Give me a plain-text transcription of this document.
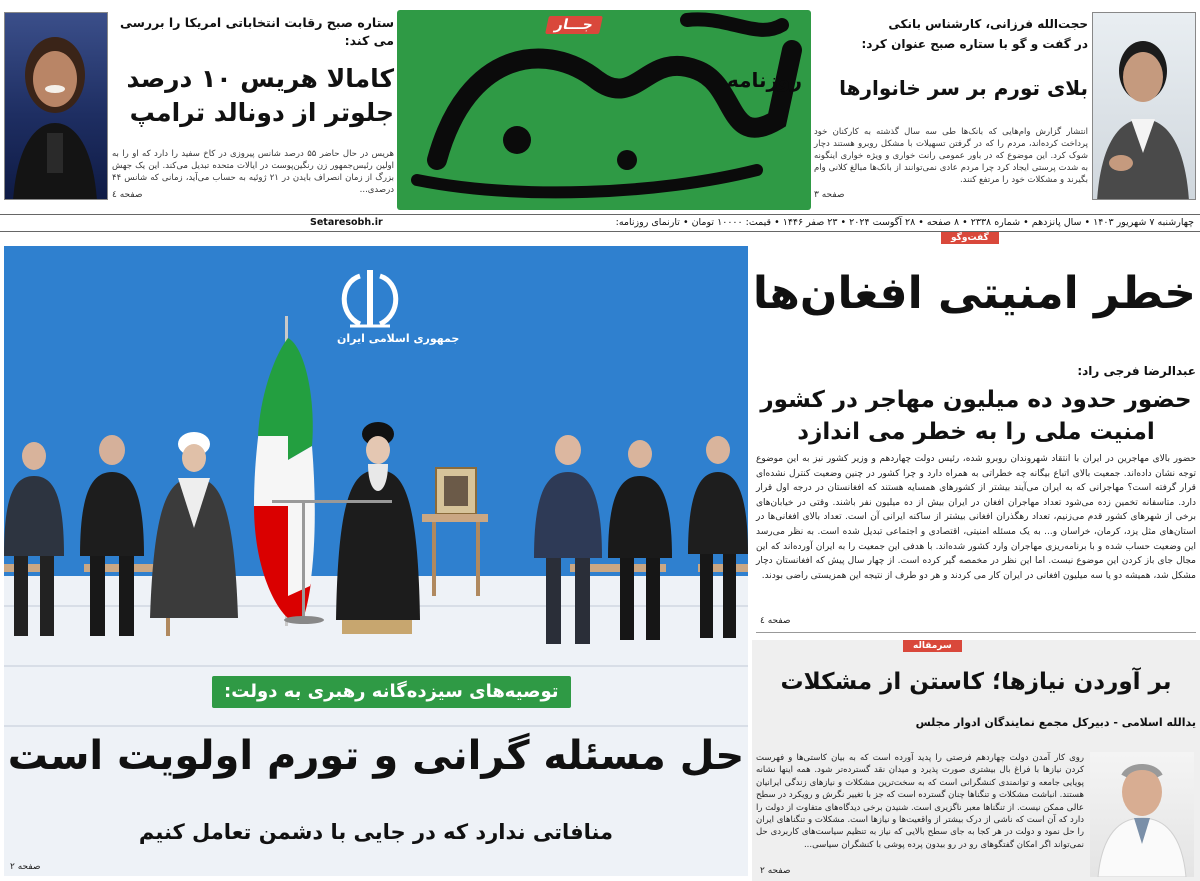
جـــار
روزنامه
ستاره صبح رقابت انتخاباتی امریکا را بررسی می کند:
کامالا هریس ۱۰ درصد
جلوتر از دونالد ترامپ
هریس در حال حاضر ۵۵ درصد شانس پیروزی در کاخ سفید را دارد که او را به اولین رئیس‌جمهور زن رنگین‌پوست در ایالات متحده تبدیل می‌کند. این یک جهش بزرگ از زمان انصراف بایدن در ۲۱ ژوئیه به حساب می‌آید، زمانی که شانس ۴۴ درصدی...
صفحه ٤
حجت‌الله فرزانی، کارشناس بانکی
در گفت و گو با ستاره صبح عنوان کرد:
بلای تورم بر سر خانوارها
انتشار گزارش وام‌هایی که بانک‌ها طی سه سال گذشته به کارکنان خود پرداخت کرده‌اند، مردم را که در گرفتن تسهیلات با مشکل روبرو هستند دچار شوک کرد. این موضوع که در باور عمومی رانت خواری و ویژه خواری اینگونه به شدت پرستی ایجاد کرد چرا مردم عادی نمی‌توانند از بانک‌ها مبالغ کلانی وام بگیرند و مشکلات خود را مرتفع کنند.
صفحه ۳
چهارشنبه ۷ شهریور ۱۴۰۳ • سال پانزدهم • شماره ۲۳۳۸ • ۸ صفحه • ۲۸ آگوست ۲۰۲۴ • ۲۳ صفر ۱۴۴۶ • قیمت: ۱۰۰۰۰ تومان • تارنمای روزنامه:
Setaresobh.ir
جمهوری اسلامی ایران
توصیه‌های سیزده‌گانه رهبری به دولت:
حل مسئله گرانی و تورم اولویت است
منافاتی ندارد که در جایی با دشمن تعامل کنیم
صفحه ۲
گفت‌وگو
خطر امنیتی افغان‌ها
عبدالرضا فرجی راد:
حضور حدود ده میلیون مهاجر در کشور
امنیت ملی را به خطر می اندازد
حضور بالای مهاجرین در ایران با انتقاد شهروندان روبرو شده، رئیس دولت چهاردهم و وزیر کشور نیز به این موضوع توجه نشان داده‌اند. جمعیت بالای اتباع بیگانه چه خطراتی به همراه دارد و چرا کشور در چنین وضعیت کنترل نشده‌ای قرار گرفته است؟ مهاجرانی که به ایران می‌آیند بیشتر از کشورهای همسایه هستند که افغانستان در درجه اول قرار دارد. متاسفانه تخمین زده می‌شود تعداد مهاجران افغان در ایران بیش از ده میلیون نفر باشند. وقتی در خیابان‌های برخی از شهرهای کشور قدم می‌زنیم، تعداد رهگذران افغانی بیشتر از ساکنه ایرانی آن است. تعداد بالای افغانی‌ها در استان‌های مثل یزد، کرمان، خراسان و... به یک مسئله امنیتی، اقتصادی و اجتماعی تبدیل شده است. به نظر می‌رسد این وضعیت حساب شده و با برنامه‌ریزی مهاجران وارد کشور شده‌اند. با هدفی این جمعیت را به ایران آورده‌اند که این مجال جای باز کردن این موضوع نیست. اما این نظر در مخمصه گیر کرده است. از چهار سال پیش که افغانستان دچار مشکل شد، همیشه دو یا سه میلیون افغانی در ایران کار می کردند و هر دو طرف از نتیجه این همزیستی راضی بودند.
صفحه ٤
سرمقاله
بر آوردن نیازها؛ کاستن از مشکلات
یدالله اسلامی - دبیرکل مجمع نمایندگان ادوار مجلس
روی کار آمدن دولت چهاردهم فرصتی را پدید آورده است که به بیان کاستی‌ها و فهرست کردن نیازها با فراغ بال بیشتری صورت پذیرد و میدان نقد گسترده‌تر شود. همه اینها نشانه پویایی جامعه و توانمندی کنشگرانی است که به سخت‌ترین مشکلات و نیازهای زندگی ایرانیان هستند. انباشت مشکلات و تنگناها چنان گسترده است که جز با تغییر نگرش و رویکرد در سطح عالی ممکن نیست. از تنگناها معبر ناگزیری است. شنیدن برخی دیدگاه‌های متفاوت از دولت را دارد که آن است که ناشی از درک بیشتر از واقعیت‌ها و نیازها است. مشکلات و تنگناهای ایران را حل نمود و دولت در هر کجا به جای سطح بالایی که نیاز به تنظیم سیاست‌های کاربردی حل نمی‌تواند اگر امکان گفتگوهای رو در رو بیدون پرده پوشی با کنشگران سیاسی...
صفحه ۲
